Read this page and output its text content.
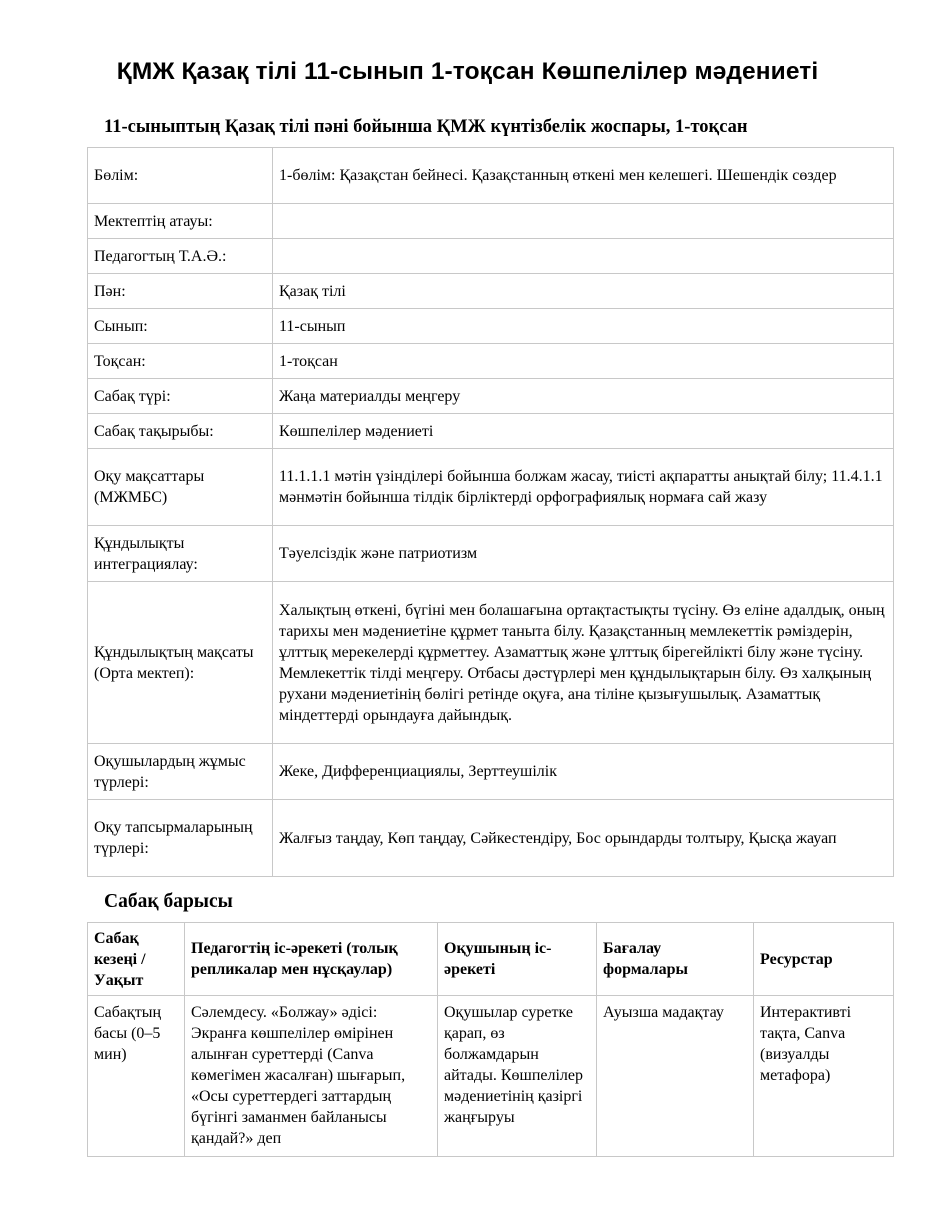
ҚМЖ Қазақ тілі 11-сынып 1-тоқсан Көшпелілер мәдениеті
11-сыныптың Қазақ тілі пәні бойынша ҚМЖ күнтізбелік жоспары, 1-тоқсан
Бөлім:	1-бөлім: Қазақстан бейнесі. Қазақстанның өткені мен келешегі. Шешендік сөздер
Мектептің атауы:	
Педагогтың Т.А.Ә.:	
Пән:	Қазақ тілі
Сынып:	11-сынып
Тоқсан:	1-тоқсан
Сабақ түрі:	Жаңа материалды меңгеру
Сабақ тақырыбы:	Көшпелілер мәдениеті
Оқу мақсаттары (МЖМБС)	11.1.1.1 мәтін үзінділері бойынша болжам жасау, тиісті ақпаратты анықтай білу; 11.4.1.1 мәнмәтін бойынша тілдік бірліктерді орфографиялық нормаға сай жазу
Құндылықты интеграциялау:	Тәуелсіздік және патриотизм
Құндылықтың мақсаты (Орта мектеп):	Халықтың өткені, бүгіні мен болашағына ортақтастықты түсіну. Өз еліне адалдық, оның тарихы мен мәдениетіне құрмет таныта білу. Қазақстанның мемлекеттік рәміздерін, ұлттық мерекелерді құрметтеу. Азаматтық және ұлттық бірегейлікті білу және түсіну. Мемлекеттік тілді меңгеру. Отбасы дәстүрлері мен құндылықтарын білу. Өз халқының рухани мәдениетінің бөлігі ретінде оқуға, ана тіліне қызығушылық. Азаматтық міндеттерді орындауға дайындық.
Оқушылардың жұмыс түрлері:	Жеке, Дифференциациялы, Зерттеушілік
Оқу тапсырмаларының түрлері:	Жалғыз таңдау, Көп таңдау, Сәйкестендіру, Бос орындарды толтыру, Қысқа жауап
Сабақ барысы
Сабақ кезеңі / Уақыт	Педагогтің іс-әрекеті (толық репликалар мен нұсқаулар)	Оқушының іс-әрекеті	Бағалау формалары	Ресурстар

Сабақтың басы (0–5 мин)	Сәлемдесу. «Болжау» әдісі: Экранға көшпелілер өмірінен алынған суреттерді (Canva көмегімен жасалған) шығарып, «Осы суреттердегі заттардың бүгінгі заманмен байланысы қандай?» деп	Оқушылар суретке қарап, өз болжамдарын айтады. Көшпелілер мәдениетінің қазіргі жаңғыруы	Ауызша мадақтау	Интерактивті тақта, Canva (визуалды метафора)
